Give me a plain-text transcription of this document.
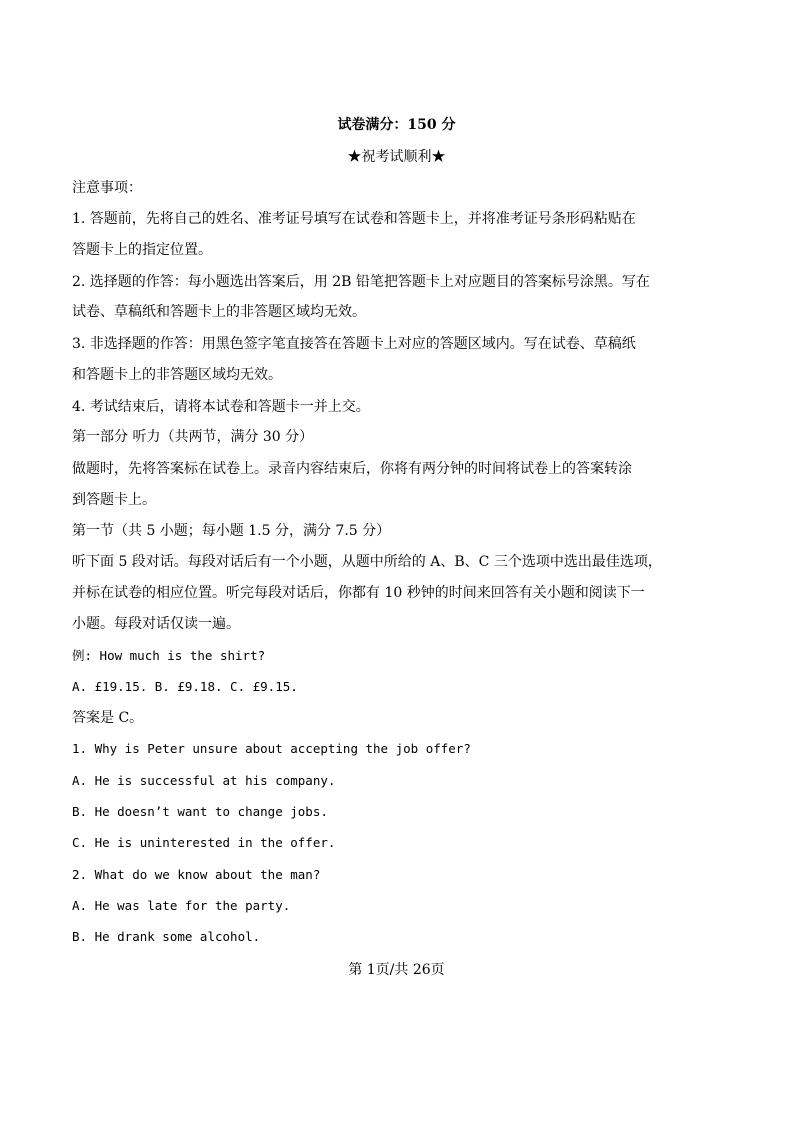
试卷满分：150 分
★祝考试顺利★
注意事项：
1. 答题前，先将自己的姓名、准考证号填写在试卷和答题卡上，并将准考证号条形码粘贴在
答题卡上的指定位置。
2. 选择题的作答：每小题选出答案后，用 2B 铅笔把答题卡上对应题目的答案标号涂黑。写在
试卷、草稿纸和答题卡上的非答题区域均无效。
3. 非选择题的作答：用黑色签字笔直接答在答题卡上对应的答题区域内。写在试卷、草稿纸
和答题卡上的非答题区域均无效。
4. 考试结束后，请将本试卷和答题卡一并上交。
第一部分 听力（共两节，满分 30 分）
做题时，先将答案标在试卷上。录音内容结束后，你将有两分钟的时间将试卷上的答案转涂
到答题卡上。
第一节（共 5 小题；每小题 1.5 分，满分 7.5 分）
听下面 5 段对话。每段对话后有一个小题，从题中所给的 A、B、C 三个选项中选出最佳选项，
并标在试卷的相应位置。听完每段对话后，你都有 10 秒钟的时间来回答有关小题和阅读下一
小题。每段对话仅读一遍。
例: How much is the shirt?
A. £19.15. B. £9.18. C. £9.15.
答案是 C。
1. Why is Peter unsure about accepting the job offer?
A. He is successful at his company.
B. He doesn’t want to change jobs.
C. He is uninterested in the offer.
2. What do we know about the man?
A. He was late for the party.
B. He drank some alcohol.
第 1页/共 26页
